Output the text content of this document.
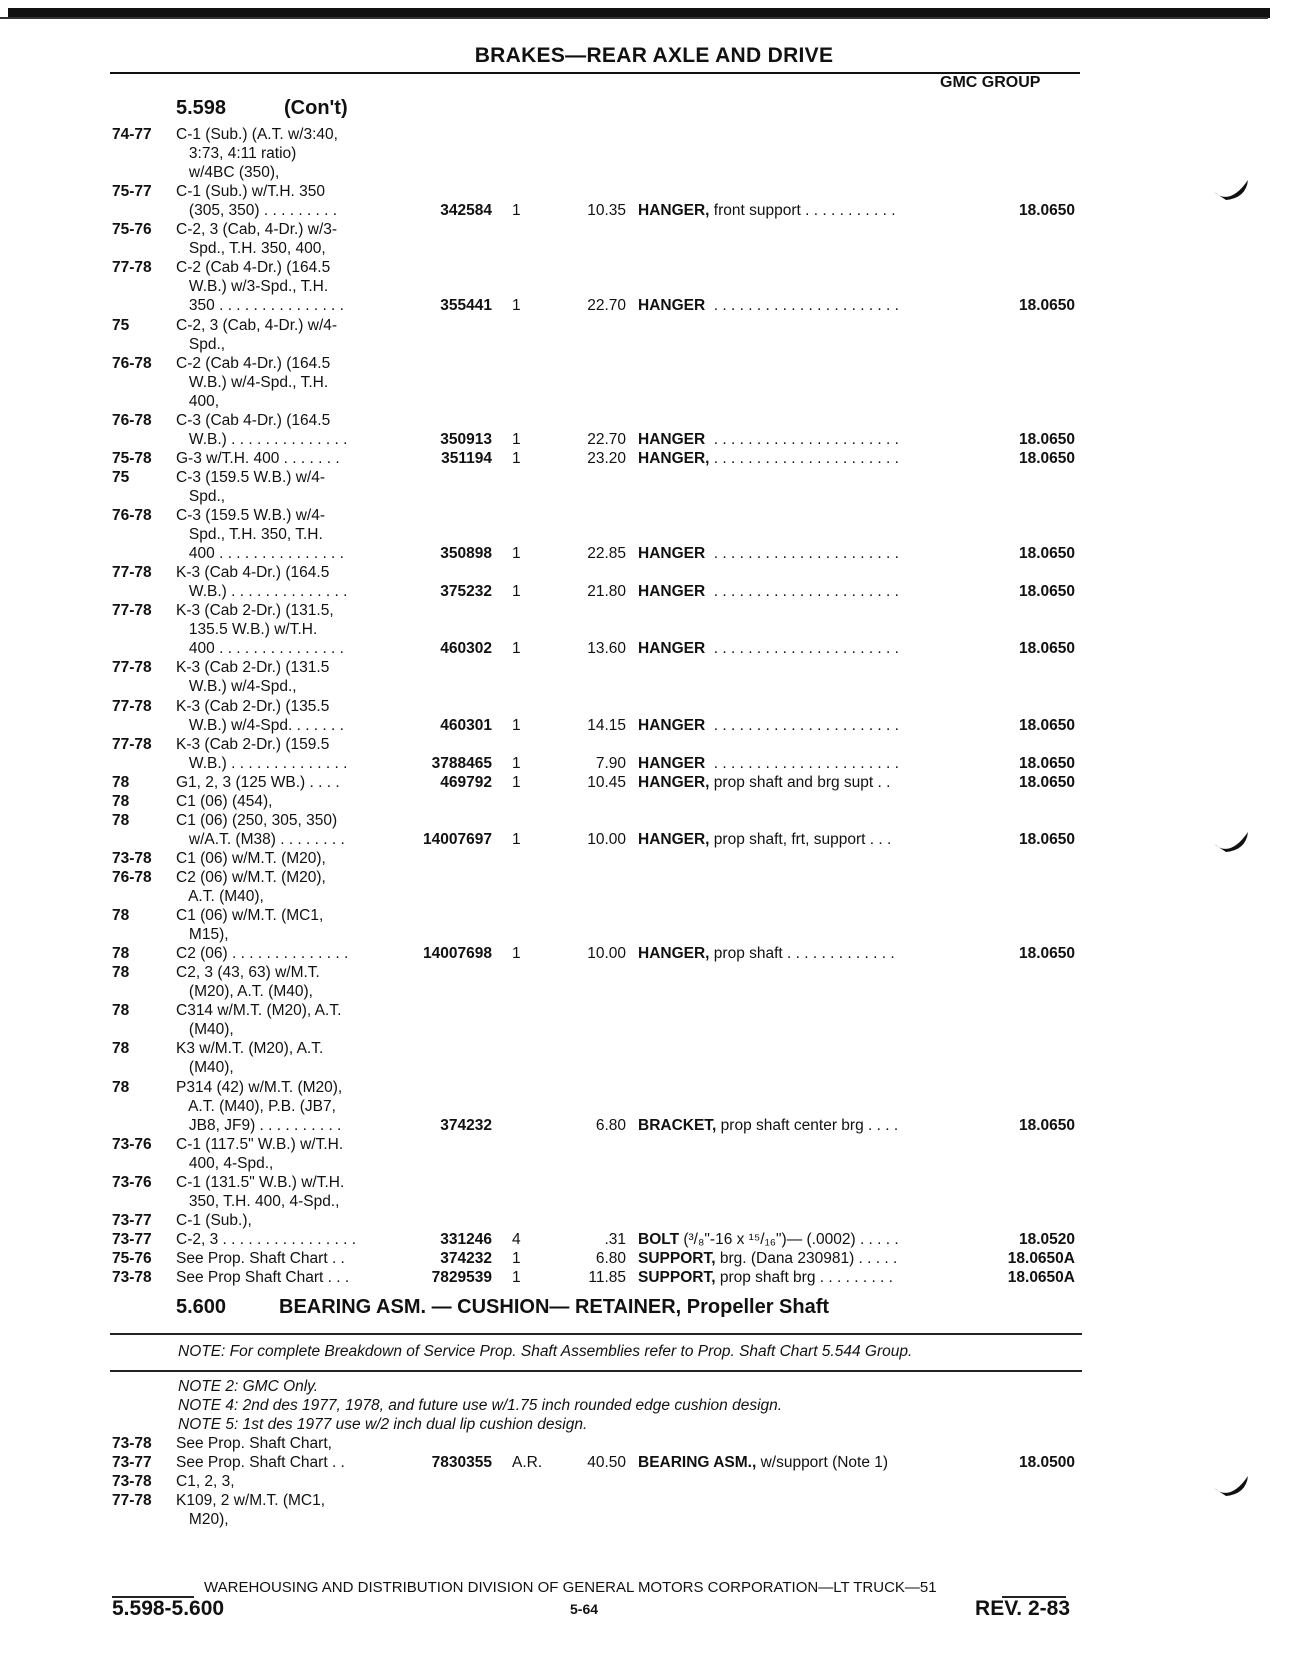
BRAKES—REAR AXLE AND DRIVE
GMC GROUP
5.598	(Con't)
74-77 C-1 (Sub.) (A.T. w/3:40,
3:73, 4:11 ratio)
w/4BC (350),
75-77 C-1 (Sub.) w/T.H. 350
(305, 350) . . . . . . . . .	342584 1	10.35 HANGER, front support . . . . . . . . . . .	18.0650
75-76 C-2, 3 (Cab, 4-Dr.) w/3-
Spd., T.H. 350, 400,
77-78 C-2 (Cab 4-Dr.) (164.5
W.B.) w/3-Spd., T.H.
350 . . . . . . . . . . . . . . .	355441 1	22.70 HANGER  . . . . . . . . . . . . . . . . . . . . . .	18.0650
75	C-2, 3 (Cab, 4-Dr.) w/4-
Spd.,
76-78 C-2 (Cab 4-Dr.) (164.5
W.B.) w/4-Spd., T.H.
400,
76-78 C-3 (Cab 4-Dr.) (164.5
W.B.) . . . . . . . . . . . . . .	350913 1	22.70 HANGER  . . . . . . . . . . . . . . . . . . . . . .	18.0650
75-78 G-3 w/T.H. 400 . . . . . . .	351194 1	23.20 HANGER, . . . . . . . . . . . . . . . . . . . . . .	18.0650
75	C-3 (159.5 W.B.) w/4-
Spd.,
76-78 C-3 (159.5 W.B.) w/4-
Spd., T.H. 350, T.H.
400 . . . . . . . . . . . . . . .	350898 1	22.85 HANGER  . . . . . . . . . . . . . . . . . . . . . .	18.0650
77-78 K-3 (Cab 4-Dr.) (164.5
W.B.) . . . . . . . . . . . . . .	375232 1	21.80 HANGER  . . . . . . . . . . . . . . . . . . . . . .	18.0650
77-78 K-3 (Cab 2-Dr.) (131.5,
135.5 W.B.) w/T.H.
400 . . . . . . . . . . . . . . .	460302 1	13.60 HANGER  . . . . . . . . . . . . . . . . . . . . . .	18.0650
77-78 K-3 (Cab 2-Dr.) (131.5
W.B.) w/4-Spd.,
77-78 K-3 (Cab 2-Dr.) (135.5
W.B.) w/4-Spd. . . . . . .	460301 1	14.15 HANGER  . . . . . . . . . . . . . . . . . . . . . .	18.0650
77-78 K-3 (Cab 2-Dr.) (159.5
W.B.) . . . . . . . . . . . . . .	3788465 1	7.90 HANGER  . . . . . . . . . . . . . . . . . . . . . .	18.0650
78	G1, 2, 3 (125 WB.) . . . .	469792 1	10.45 HANGER, prop shaft and brg supt . .	18.0650
78	C1 (06) (454),
78	C1 (06) (250, 305, 350)
w/A.T. (M38) . . . . . . . .	14007697 1	10.00 HANGER, prop shaft, frt, support . . .	18.0650
73-78 C1 (06) w/M.T. (M20),
76-78 C2 (06) w/M.T. (M20),
A.T. (M40),
78	C1 (06) w/M.T. (MC1,
M15),
78	C2 (06) . . . . . . . . . . . . . .	14007698 1	10.00 HANGER, prop shaft . . . . . . . . . . . . .	18.0650
78	C2, 3 (43, 63) w/M.T.
(M20), A.T. (M40),
78	C314 w/M.T. (M20), A.T.
(M40),
78	K3 w/M.T. (M20), A.T.
(M40),
78	P314 (42) w/M.T. (M20),
A.T. (M40), P.B. (JB7,
JB8, JF9) . . . . . . . . . .	374232	6.80 BRACKET, prop shaft center brg . . . .	18.0650
73-76 C-1 (117.5" W.B.) w/T.H.
400, 4-Spd.,
73-76 C-1 (131.5" W.B.) w/T.H.
350, T.H. 400, 4-Spd.,
73-77 C-1 (Sub.),
73-77 C-2, 3 . . . . . . . . . . . . . . . .	331246 4	.31 BOLT (³/₈"-16 x ¹⁵/₁₆")— (.0002) . . . . .	18.0520
75-76 See Prop. Shaft Chart . .	374232 1	6.80 SUPPORT, brg. (Dana 230981) . . . . .	18.0650A
73-78 See Prop Shaft Chart . . .	7829539 1	11.85 SUPPORT, prop shaft brg . . . . . . . . .	18.0650A
5.600	BEARING ASM. — CUSHION— RETAINER, Propeller Shaft
NOTE: For complete Breakdown of Service Prop. Shaft Assemblies refer to Prop. Shaft Chart 5.544 Group.
NOTE 2: GMC Only.
NOTE 4: 2nd des 1977, 1978, and future use w/1.75 inch rounded edge cushion design.
NOTE 5: 1st des 1977 use w/2 inch dual lip cushion design.
73-78 See Prop. Shaft Chart,
73-77 See Prop. Shaft Chart . .	7830355 A.R.	40.50 BEARING ASM., w/support (Note 1)	18.0500
73-78 C1, 2, 3,
77-78 K109, 2 w/M.T. (MC1,
M20),
WAREHOUSING AND DISTRIBUTION DIVISION OF GENERAL MOTORS CORPORATION—LT TRUCK—51
5.598-5.600	5-64	REV. 2-83
